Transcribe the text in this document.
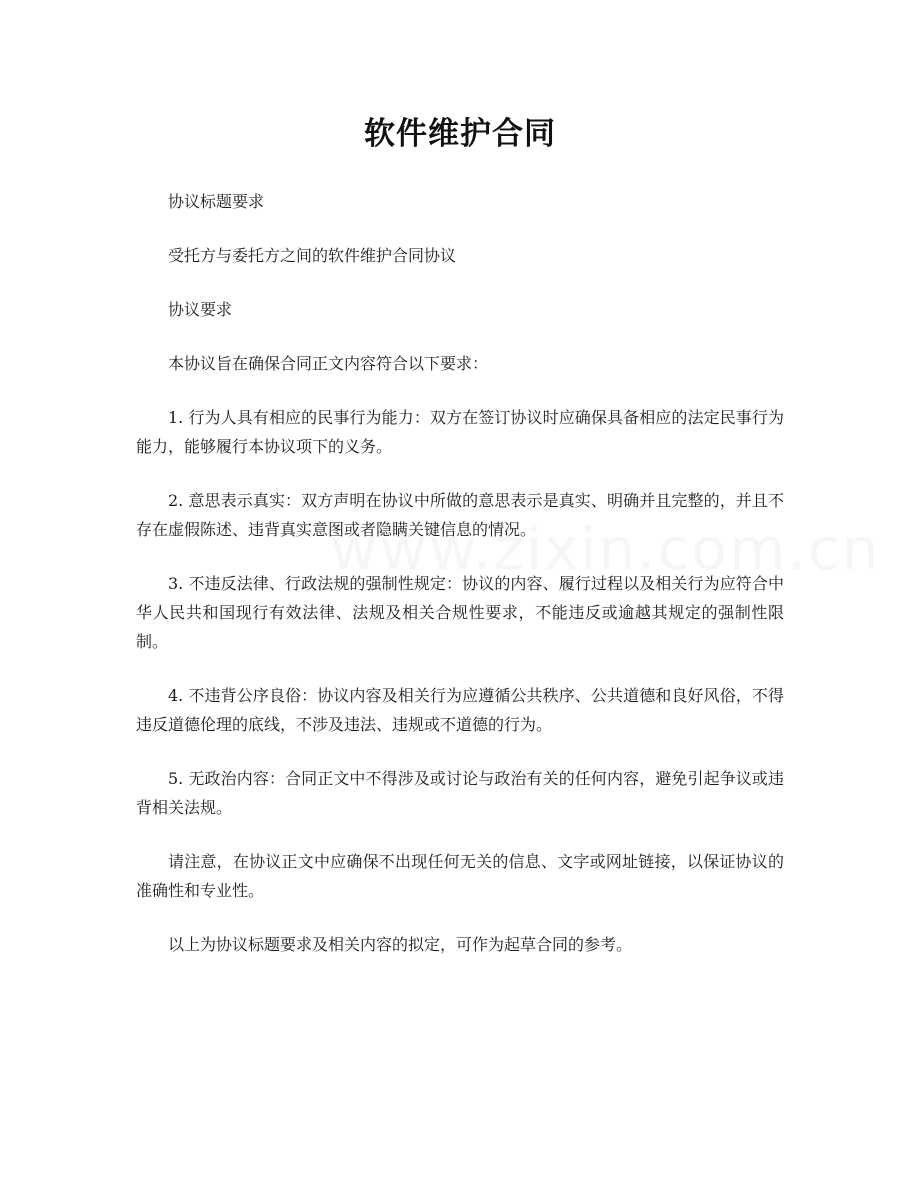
软件维护合同

协议标题要求

受托方与委托方之间的软件维护合同协议

协议要求

本协议旨在确保合同正文内容符合以下要求：

1. 行为人具有相应的民事行为能力：双方在签订协议时应确保具备相应的法定民事行为能力，能够履行本协议项下的义务。

2. 意思表示真实：双方声明在协议中所做的意思表示是真实、明确并且完整的，并且不存在虚假陈述、违背真实意图或者隐瞒关键信息的情况。

3. 不违反法律、行政法规的强制性规定：协议的内容、履行过程以及相关行为应符合中华人民共和国现行有效法律、法规及相关合规性要求，不能违反或逾越其规定的强制性限制。

4. 不违背公序良俗：协议内容及相关行为应遵循公共秩序、公共道德和良好风俗，不得违反道德伦理的底线，不涉及违法、违规或不道德的行为。

5. 无政治内容：合同正文中不得涉及或讨论与政治有关的任何内容，避免引起争议或违背相关法规。

请注意，在协议正文中应确保不出现任何无关的信息、文字或网址链接，以保证协议的准确性和专业性。

以上为协议标题要求及相关内容的拟定，可作为起草合同的参考。
